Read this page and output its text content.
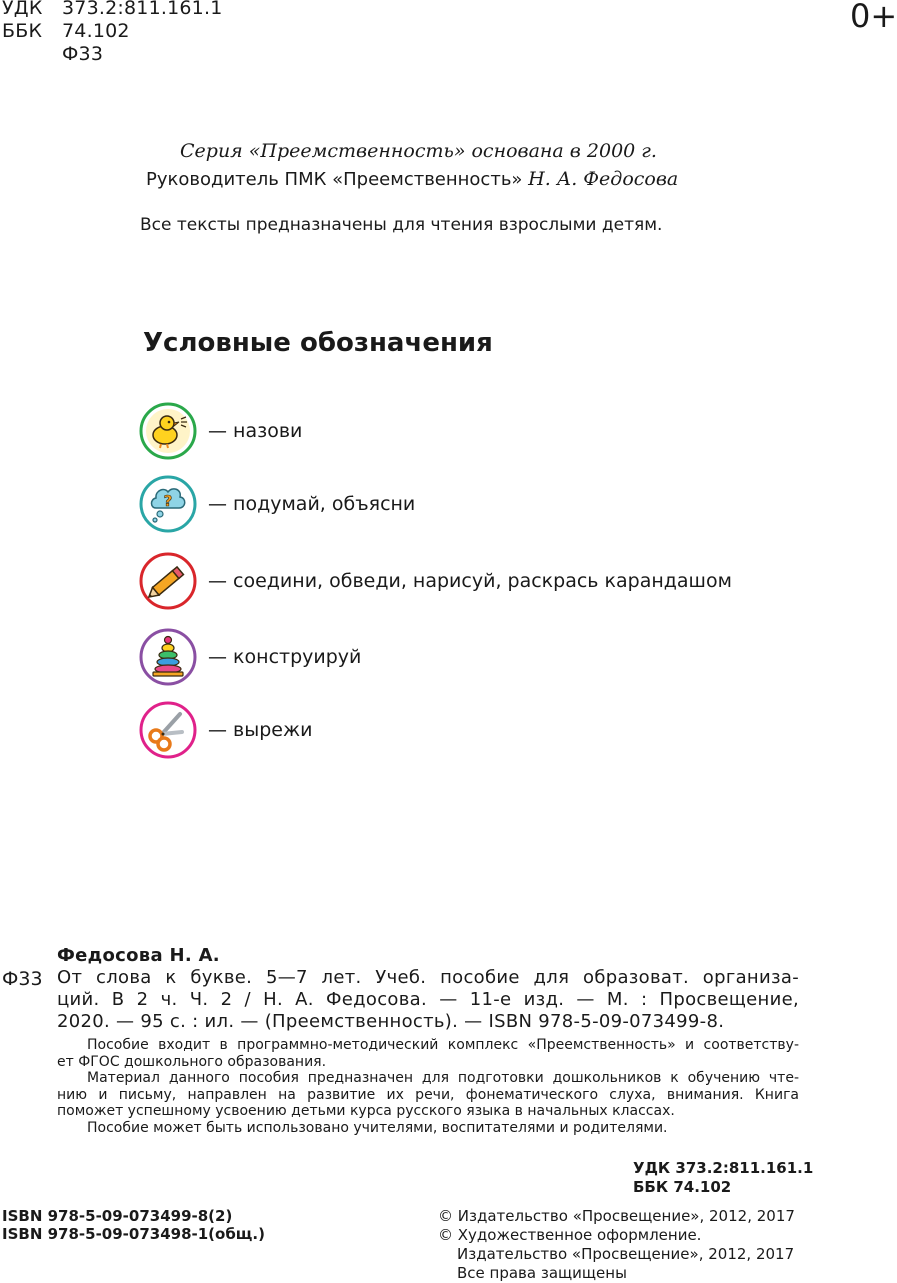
УДК 373.2:811.161.1
ББК 74.102
Ф33
0+
Серия «Преемственность» основана в 2000 г.
Руководитель ПМК «Преемственность» Н. А. Федосова
Все тексты предназначены для чтения взрослыми детям.
Условные обозначения
— назови
? — подумай, объясни
— соедини, обведи, нарисуй, раскрась карандашом
— конструируй
— вырежи
Федосова Н. А.
Ф33 От слова к букве. 5—7 лет. Учеб. пособие для образоват. организа-
ций. В 2 ч. Ч. 2 / Н. А. Федосова. — 11-е изд. — М. : Просвещение,
2020. — 95 с. : ил. — (Преемственность). — ISBN 978-5-09-073499-8.
Пособие входит в программно-методический комплекс «Преемственность» и соответству-
ет ФГОС дошкольного образования.
Материал данного пособия предназначен для подготовки дошкольников к обучению чте-
нию и письму, направлен на развитие их речи, фонематического слуха, внимания. Книга
поможет успешному усвоению детьми курса русского языка в начальных классах.
Пособие может быть использовано учителями, воспитателями и родителями.
УДК 373.2:811.161.1
ББК 74.102
ISBN 978-5-09-073499-8(2)
ISBN 978-5-09-073498-1(общ.)
© Издательство «Просвещение», 2012, 2017
© Художественное оформление.
Издательство «Просвещение», 2012, 2017
Все права защищены
